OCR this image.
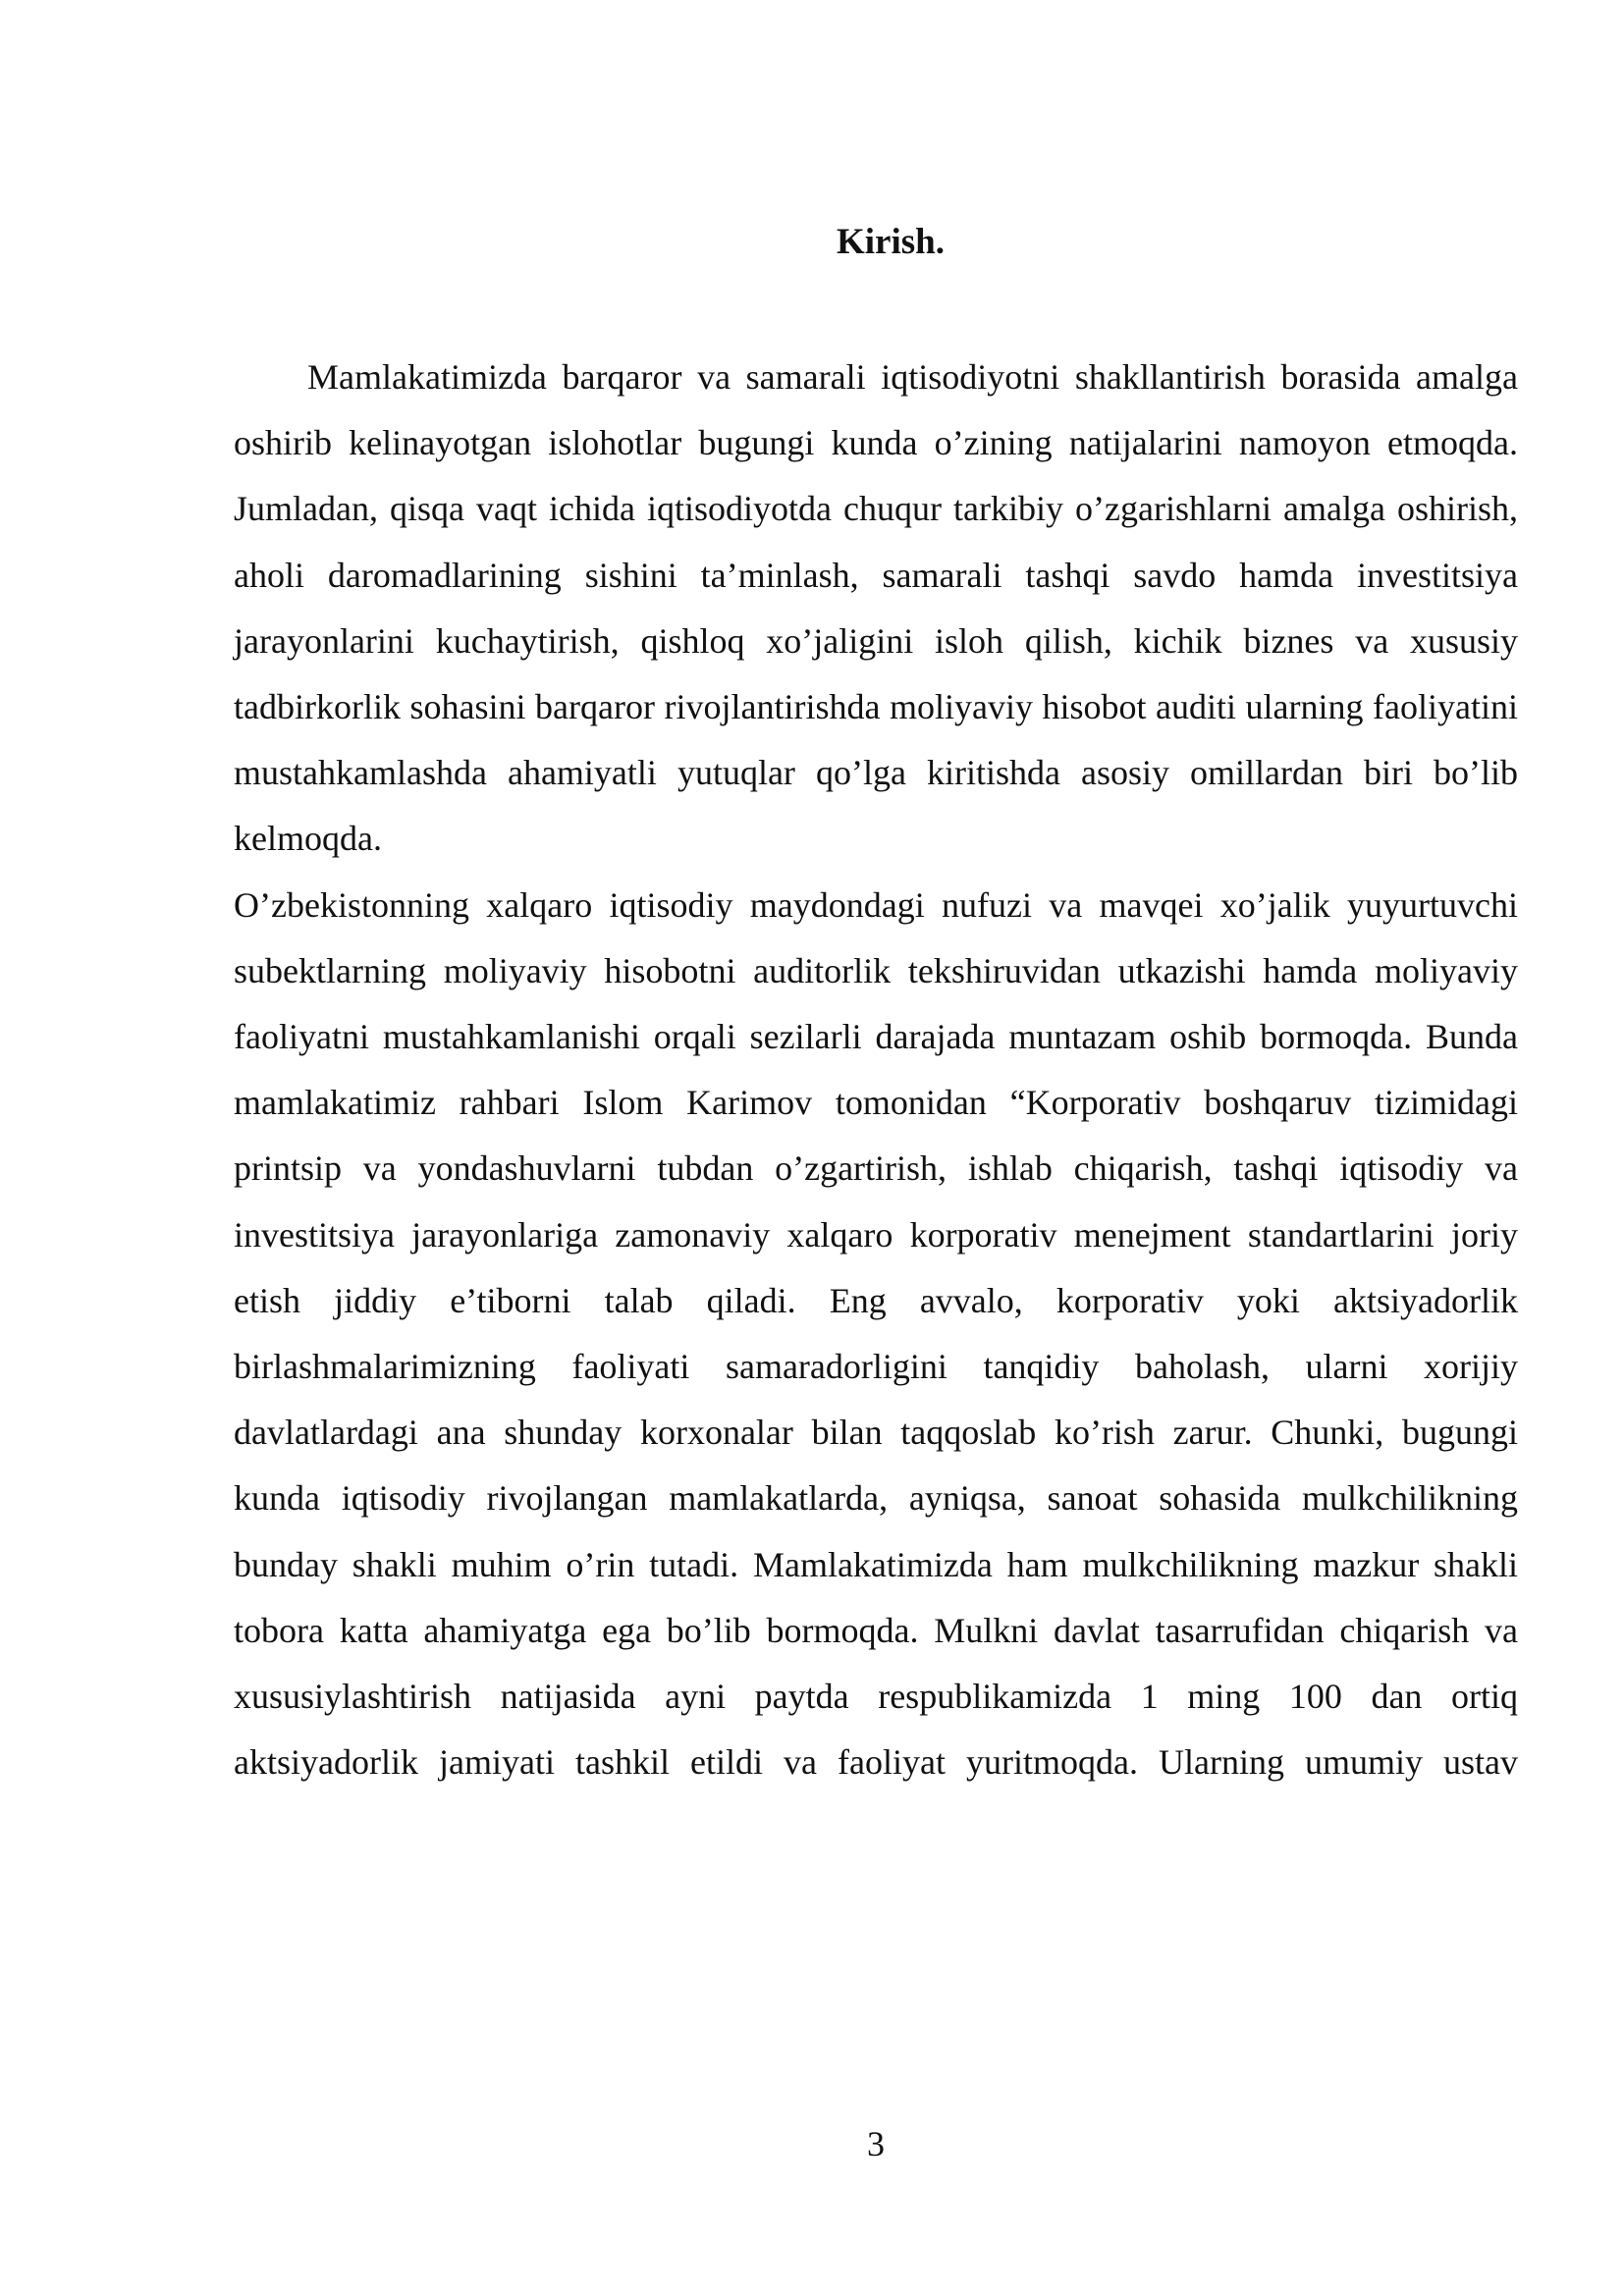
Kirish.

Mamlakatimizda barqaror va samarali iqtisodiyotni shakllantirish borasida amalga oshirib kelinayotgan islohotlar bugungi kunda o’zining natijalarini namoyon etmoqda. Jumladan, qisqa vaqt ichida iqtisodiyotda chuqur tarkibiy o’zgarishlarni amalga oshirish, aholi daromadlarining sishini ta’minlash, samarali tashqi savdo hamda investitsiya jarayonlarini kuchaytirish, qishloq xo’jaligini isloh qilish, kichik biznes va xususiy tadbirkorlik sohasini barqaror rivojlantirishda moliyaviy hisobot auditi ularning faoliyatini mustahkamlashda ahamiyatli yutuqlar qo’lga kiritishda asosiy omillardan biri bo’lib kelmoqda.

O’zbekistonning xalqaro iqtisodiy maydondagi nufuzi va mavqei xo’jalik yuyurtuvchi subektlarning moliyaviy hisobotni auditorlik tekshiruvidan utkazishi hamda moliyaviy faoliyatni mustahkamlanishi orqali sezilarli darajada muntazam oshib bormoqda. Bunda mamlakatimiz rahbari Islom Karimov tomonidan “Korporativ boshqaruv tizimidagi printsip va yondashuvlarni tubdan o’zgartirish, ishlab chiqarish, tashqi iqtisodiy va investitsiya jarayonlariga zamonaviy xalqaro korporativ menejment standartlarini joriy etish jiddiy e’tiborni talab qiladi. Eng avvalo, korporativ yoki aktsiyadorlik birlashmalarimizning faoliyati samaradorligini tanqidiy baholash, ularni xorijiy davlatlardagi ana shunday korxonalar bilan taqqoslab ko’rish zarur. Chunki, bugungi kunda iqtisodiy rivojlangan mamlakatlarda, ayniqsa, sanoat sohasida mulkchilikning bunday shakli muhim o’rin tutadi. Mamlakatimizda ham mulkchilikning mazkur shakli tobora katta ahamiyatga ega bo’lib bormoqda. Mulkni davlat tasarrufidan chiqarish va xususiylashtirish natijasida ayni paytda respublikamizda 1 ming 100 dan ortiq aktsiyadorlik jamiyati tashkil etildi va faoliyat yuritmoqda. Ularning umumiy ustav

3
